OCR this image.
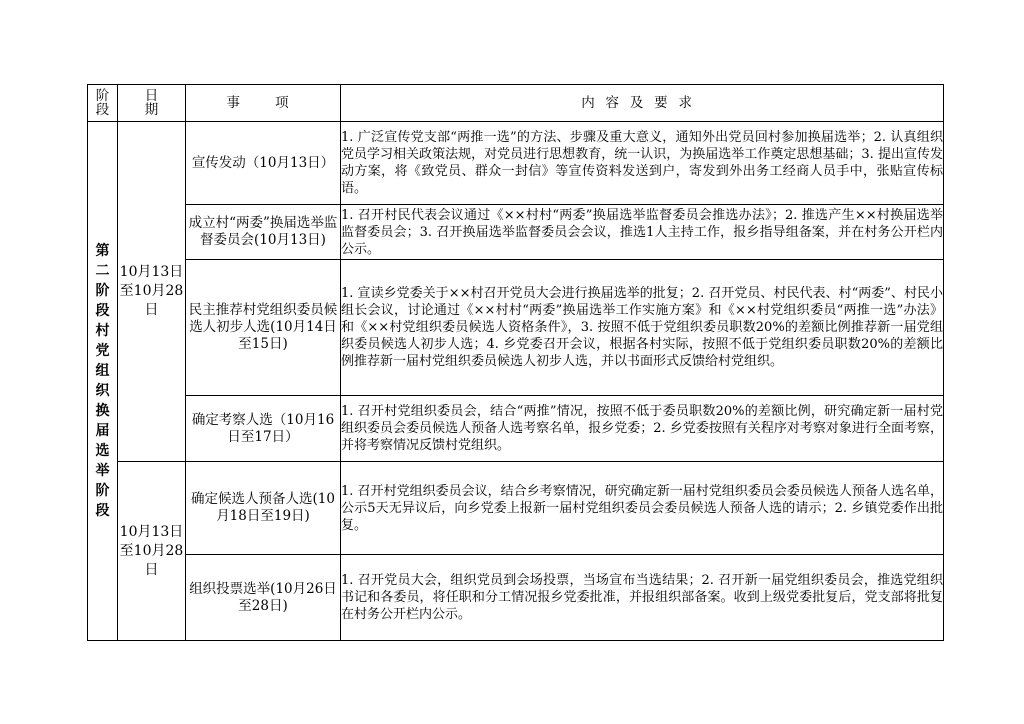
阶段	日期	事　项	内容及要求
第二阶段 村党组织换届选举阶段	10月13日至10月28日	宣传发动（10月13日）	1. 广泛宣传党支部“两推一选”的方法、步骤及重大意义，通知外出党员回村参加换届选举；2. 认真组织党员学习相关政策法规，对党员进行思想教育，统一认识，为换届选举工作奠定思想基础；3. 提出宣传发动方案，将《致党员、群众一封信》等宣传资料发送到户，寄发到外出务工经商人员手中，张贴宣传标语。
		成立村“两委”换届选举监督委员会(10月13日)	1. 召开村民代表会议通过《××村村“两委”换届选举监督委员会推选办法》；2. 推选产生××村换届选举监督委员会；3. 召开换届选举监督委员会会议，推选1人主持工作，报乡指导组备案，并在村务公开栏内公示。
		民主推荐村党组织委员候选人初步人选(10月14日至15日)	1. 宣读乡党委关于××村召开党员大会进行换届选举的批复；2. 召开党员、村民代表、村“两委”、村民小组长会议，讨论通过《××村村“两委”换届选举工作实施方案》和《××村党组织委员“两推一选”办法》和《××村党组织委员候选人资格条件》，3. 按照不低于党组织委员职数20%的差额比例推荐新一届党组织委员候选人初步人选；4. 乡党委召开会议，根据各村实际，按照不低于党组织委员职数20%的差额比例推荐新一届村党组织委员候选人初步人选，并以书面形式反馈给村党组织。
		确定考察人选（10月16日至17日）	1. 召开村党组织委员会，结合“两推”情况，按照不低于委员职数20%的差额比例，研究确定新一届村党组织委员会委员候选人预备人选考察名单，报乡党委；2. 乡党委按照有关程序对考察对象进行全面考察，并将考察情况反馈村党组织。
	10月13日至10月28日	确定候选人预备人选(10月18日至19日)	1. 召开村党组织委员会议，结合乡考察情况，研究确定新一届村党组织委员会委员候选人预备人选名单，公示5天无异议后，向乡党委上报新一届村党组织委员会委员候选人预备人选的请示；2. 乡镇党委作出批复。
		组织投票选举(10月26日至28日)	1. 召开党员大会，组织党员到会场投票，当场宣布当选结果；2. 召开新一届党组织委员会，推选党组织书记和各委员，将任职和分工情况报乡党委批准，并报组织部备案。收到上级党委批复后，党支部将批复在村务公开栏内公示。
